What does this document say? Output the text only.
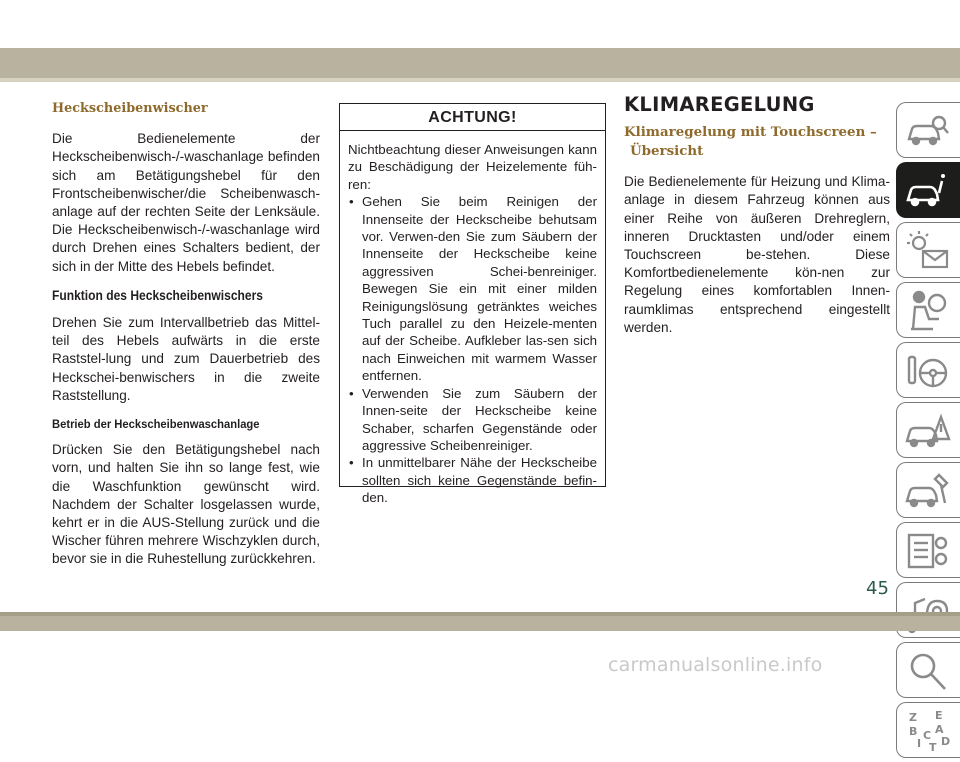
Heckscheibenwischer
Die Bedienelemente der
Heckscheibenwisch-/-waschanlage befinden sich am Betätigungshebel für den Frontscheibenwischer/die Scheibenwasch-anlage auf der rechten Seite der Lenksäule. Die Heckscheibenwisch-/-waschanlage wird durch Drehen eines Schalters bedient, der sich in der Mitte des Hebels befindet.
Funktion des Heckscheibenwischers
Drehen Sie zum Intervallbetrieb das Mittel-teil des Hebels aufwärts in die erste Raststel-lung und zum Dauerbetrieb des Heckschei-benwischers in die zweite Raststellung.
Betrieb der Heckscheibenwaschanlage
Drücken Sie den Betätigungshebel nach vorn, und halten Sie ihn so lange fest, wie die Waschfunktion gewünscht wird. Nachdem der Schalter losgelassen wurde, kehrt er in die AUS-Stellung zurück und die Wischer führen mehrere Wischzyklen durch, bevor sie in die Ruhestellung zurückkehren.
ACHTUNG!
Nichtbeachtung dieser Anweisungen kann zu Beschädigung der Heizelemente füh-ren:
• Gehen Sie beim Reinigen der Innenseite der Heckscheibe behutsam vor. Verwen-den Sie zum Säubern der Innenseite der Heckscheibe keine aggressiven Schei-benreiniger. Bewegen Sie ein mit einer milden Reinigungslösung getränktes weiches Tuch parallel zu den Heizele-menten auf der Scheibe. Aufkleber las-sen sich nach Einweichen mit warmem Wasser entfernen.
• Verwenden Sie zum Säubern der Innen-seite der Heckscheibe keine Schaber, scharfen Gegenstände oder aggressive Scheibenreiniger.
• In unmittelbarer Nähe der Heckscheibe sollten sich keine Gegenstände befin-den.
KLIMAREGELUNG
Klimaregelung mit Touchscreen –
Übersicht
Die Bedienelemente für Heizung und Klima-anlage in diesem Fahrzeug können aus einer Reihe von äußeren Drehreglern, inneren Drucktasten und/oder einem Touchscreen be-stehen. Diese Komfortbedienelemente kön-nen zur Regelung eines komfortablen Innen-raumklimas entsprechend eingestellt werden.
Z E
B A
I
C D
T
45
carmanualsonline.info
